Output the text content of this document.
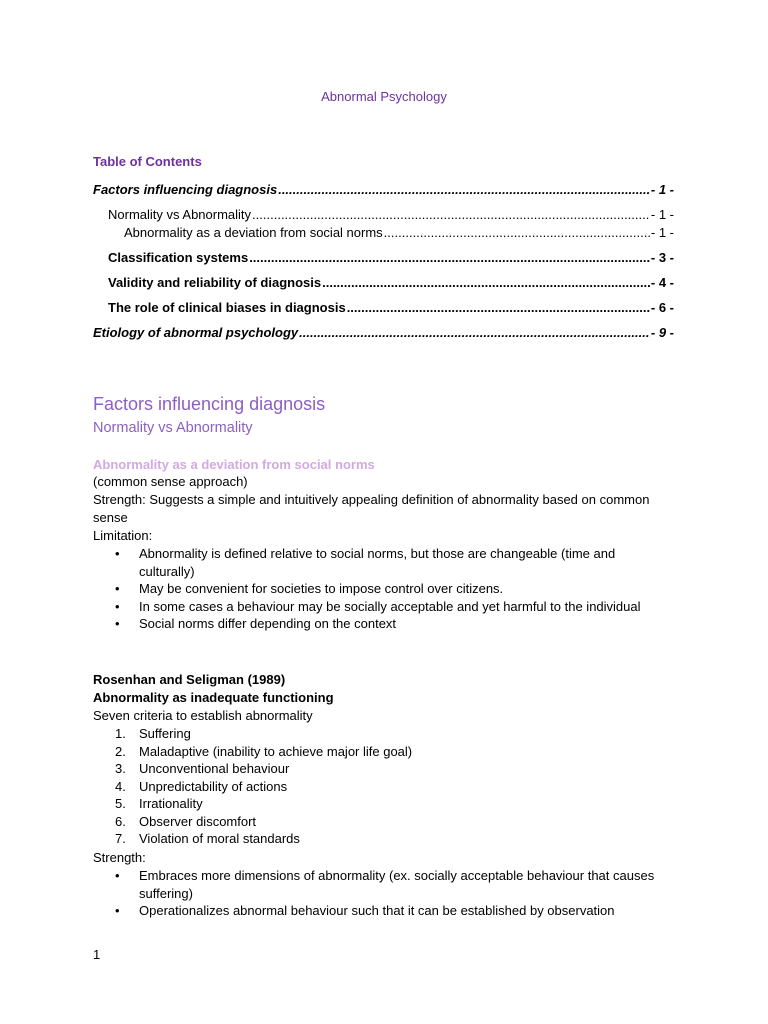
Abnormal Psychology
Table of Contents
Factors influencing diagnosis .....	- 1 -
Normality vs Abnormality .....	- 1 -
Abnormality as a deviation from social norms .....	- 1 -
Classification systems .....	- 3 -
Validity and reliability of diagnosis .....	- 4 -
The role of clinical biases in diagnosis .....	- 6 -
Etiology of abnormal psychology .....	- 9 -
Factors influencing diagnosis
Normality vs Abnormality
Abnormality as a deviation from social norms
(common sense approach)
Strength: Suggests a simple and intuitively appealing definition of abnormality based on common sense
Limitation:
• Abnormality is defined relative to social norms, but those are changeable (time and culturally)
• May be convenient for societies to impose control over citizens.
• In some cases a behaviour may be socially acceptable and yet harmful to the individual
• Social norms differ depending on the context
Rosenhan and Seligman (1989)
Abnormality as inadequate functioning
Seven criteria to establish abnormality
1. Suffering
2. Maladaptive (inability to achieve major life goal)
3. Unconventional behaviour
4. Unpredictability of actions
5. Irrationality
6. Observer discomfort
7. Violation of moral standards
Strength:
• Embraces more dimensions of abnormality (ex. socially acceptable behaviour that causes suffering)
• Operationalizes abnormal behaviour such that it can be established by observation
1
